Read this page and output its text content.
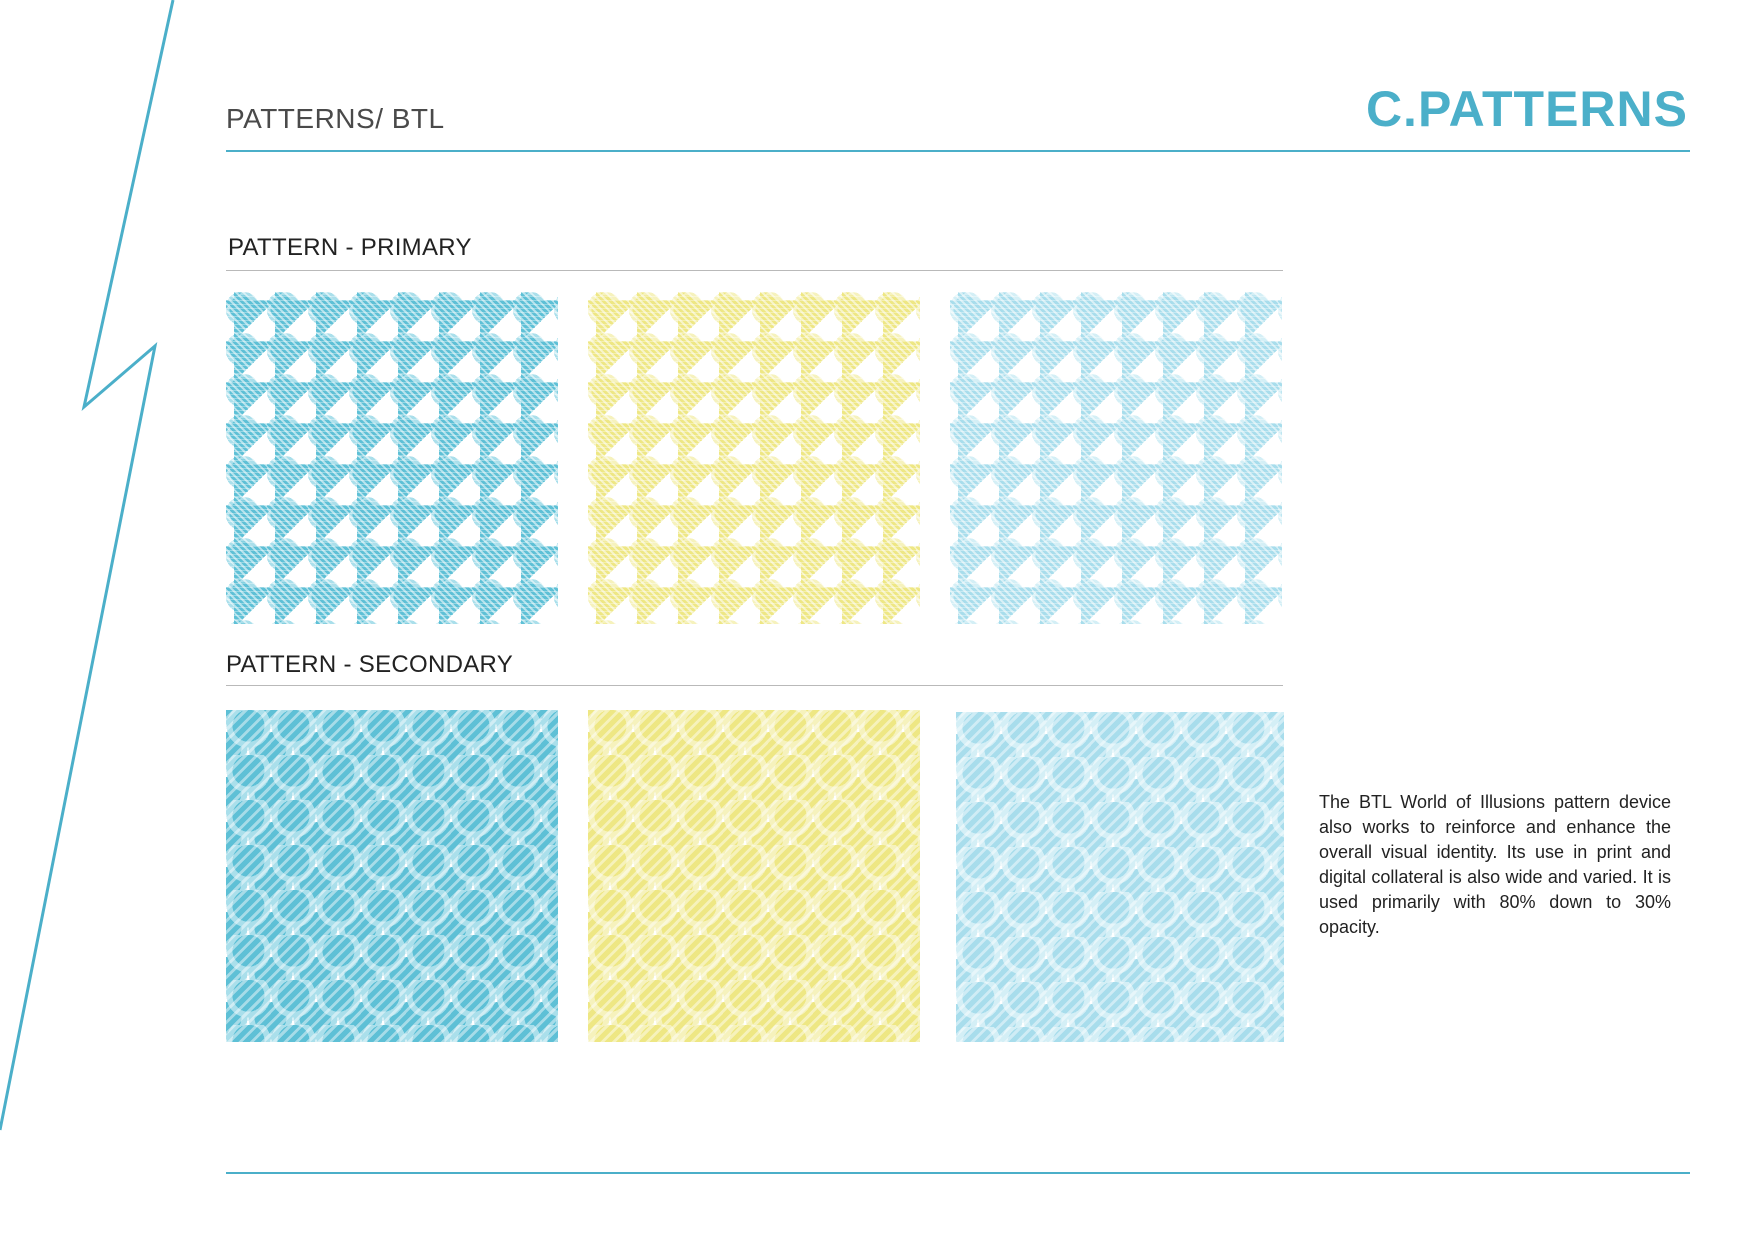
PATTERNS/ BTL	C.PATTERNS
PATTERN - PRIMARY
PATTERN - SECONDARY

The BTL World of Illusions pattern device also works to reinforce and enhance the overall visual identity. Its use in print and digital collateral is also wide and varied. It is used primarily with 80% down to 30% opacity.
